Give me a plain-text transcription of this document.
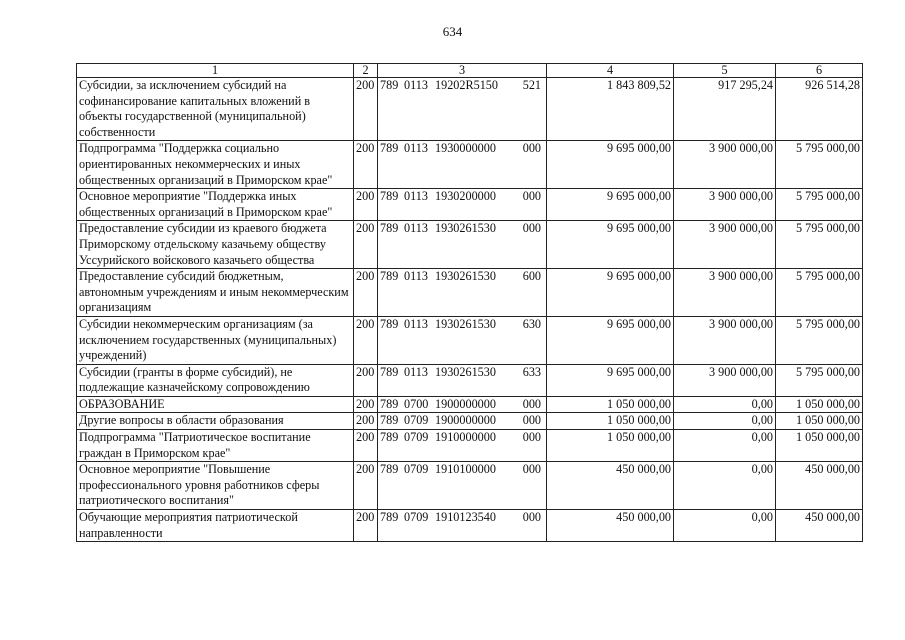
634
1	2	3	4	5	6
Субсидии, за исключением субсидий на софинансирование капитальных вложений в объекты государственной (муниципальной) собственности	200	789 0113 19202R5150 521	1 843 809,52	917 295,24	926 514,28
Подпрограмма "Поддержка социально ориентированных некоммерческих и иных общественных организаций в Приморском крае"	200	789 0113 1930000000 000	9 695 000,00	3 900 000,00	5 795 000,00
Основное мероприятие "Поддержка иных общественных организаций в Приморском крае"	200	789 0113 1930200000 000	9 695 000,00	3 900 000,00	5 795 000,00
Предоставление субсидии из краевого бюджета Приморскому отдельскому казачьему обществу Уссурийского войскового казачьего общества	200	789 0113 1930261530 000	9 695 000,00	3 900 000,00	5 795 000,00
Предоставление субсидий бюджетным, автономным учреждениям и иным некоммерческим организациям	200	789 0113 1930261530 600	9 695 000,00	3 900 000,00	5 795 000,00
Субсидии некоммерческим организациям (за исключением государственных (муниципальных) учреждений)	200	789 0113 1930261530 630	9 695 000,00	3 900 000,00	5 795 000,00
Субсидии (гранты в форме субсидий), не подлежащие казначейскому сопровождению	200	789 0113 1930261530 633	9 695 000,00	3 900 000,00	5 795 000,00
ОБРАЗОВАНИЕ	200	789 0700 1900000000 000	1 050 000,00	0,00	1 050 000,00
Другие вопросы в области образования	200	789 0709 1900000000 000	1 050 000,00	0,00	1 050 000,00
Подпрограмма "Патриотическое воспитание граждан в Приморском крае"	200	789 0709 1910000000 000	1 050 000,00	0,00	1 050 000,00
Основное мероприятие "Повышение профессионального уровня работников сферы патриотического воспитания"	200	789 0709 1910100000 000	450 000,00	0,00	450 000,00
Обучающие мероприятия патриотической направленности	200	789 0709 1910123540 000	450 000,00	0,00	450 000,00
